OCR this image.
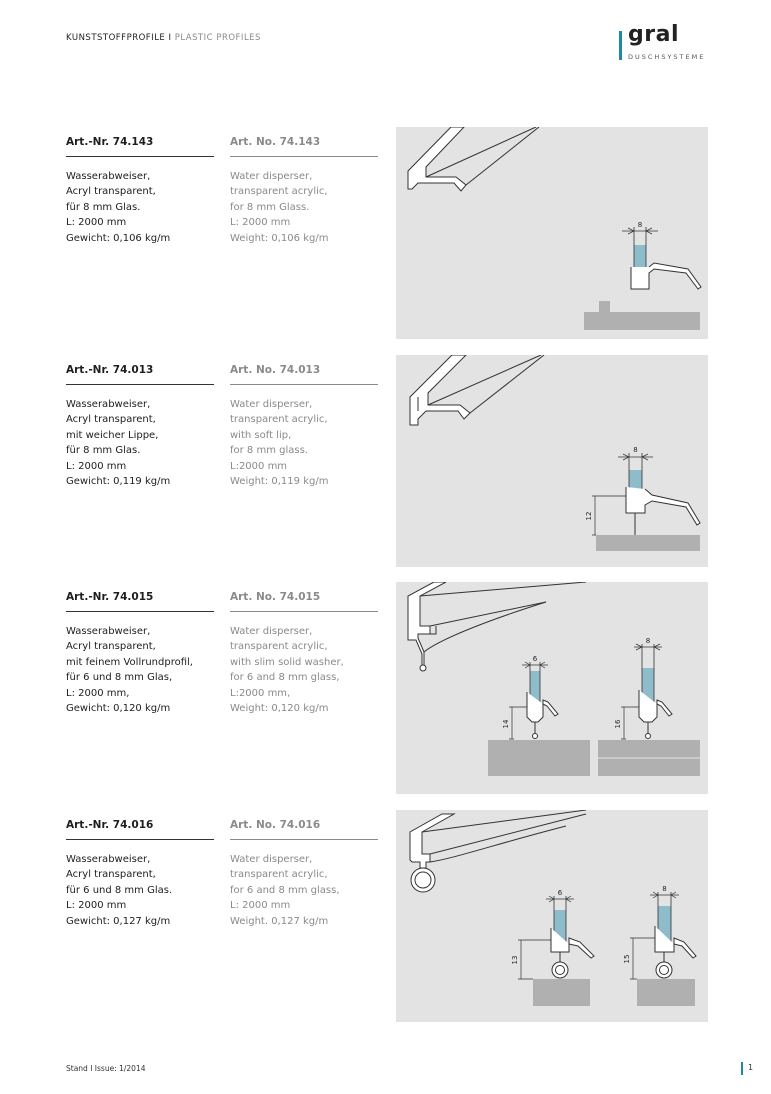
KUNSTSTOFFPROFILE I PLASTIC PROFILES	gral
DUSCHSYSTEME
Art.-Nr. 74.143
Wasserabweiser,
Acryl transparent,
für 8 mm Glas.
L: 2000 mm
Gewicht: 0,106 kg/m
Art. No. 74.143
Water disperser,
transparent acrylic,
for 8 mm Glass.
L: 2000 mm
Weight: 0,106 kg/m
8
Art.-Nr. 74.013
Wasserabweiser,
Acryl transparent,
mit weicher Lippe,
für 8 mm Glas.
L: 2000 mm
Gewicht: 0,119 kg/m
Art. No. 74.013
Water disperser,
transparent acrylic,
with soft lip,
for 8 mm glass.
L:2000 mm
Weight: 0,119 kg/m
8
12
Art.-Nr. 74.015
Wasserabweiser,
Acryl transparent,
mit feinem Vollrundprofil,
für 6 und 8 mm Glas,
L: 2000 mm,
Gewicht: 0,120 kg/m
Art. No. 74.015
Water disperser,
transparent acrylic,
with slim solid washer,
for 6 and 8 mm glass,
L:2000 mm,
Weight: 0,120 kg/m
6
14
8
16
Art.-Nr. 74.016
Wasserabweiser,
Acryl transparent,
für 6 und 8 mm Glas.
L: 2000 mm
Gewicht: 0,127 kg/m
Art. No. 74.016
Water disperser,
transparent acrylic,
for 6 and 8 mm glass,
L: 2000 mm
Weight. 0,127 kg/m
6
13
8
15
Stand I Issue: 1/2014	1
